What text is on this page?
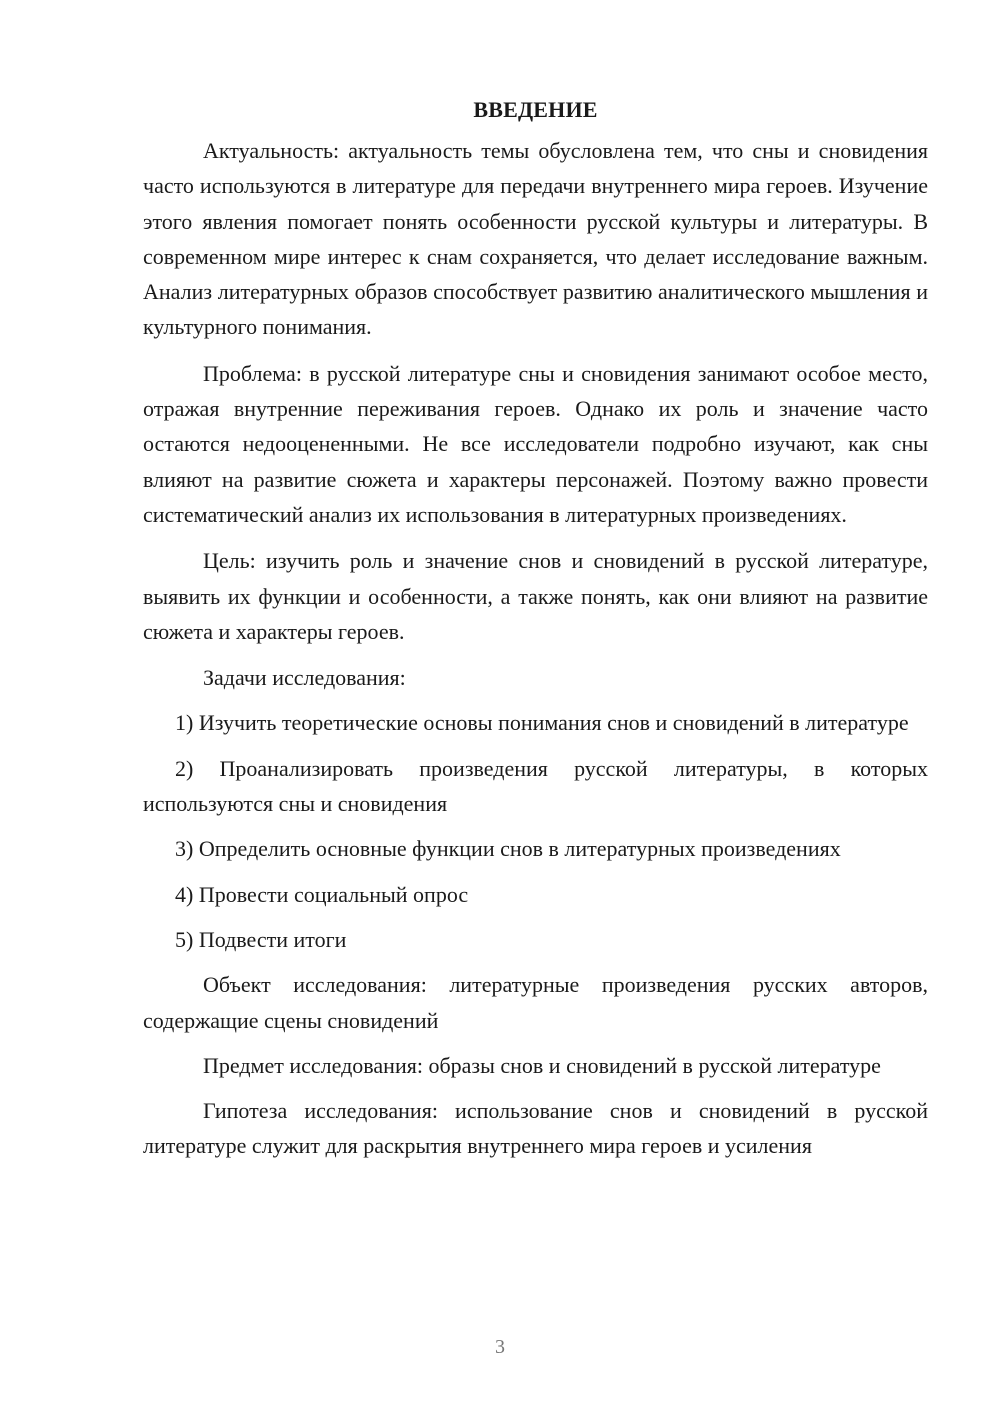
ВВЕДЕНИЕ

Актуальность: актуальность темы обусловлена тем, что сны и сновидения часто используются в литературе для передачи внутреннего мира героев. Изучение этого явления помогает понять особенности русской культуры и литературы. В современном мире интерес к снам сохраняется, что делает исследование важным. Анализ литературных образов способствует развитию аналитического мышления и культурного понимания.

Проблема: в русской литературе сны и сновидения занимают особое место, отражая внутренние переживания героев. Однако их роль и значение часто остаются недооцененными. Не все исследователи подробно изучают, как сны влияют на развитие сюжета и характеры персонажей. Поэтому важно провести систематический анализ их использования в литературных произведениях.

Цель: изучить роль и значение снов и сновидений в русской литературе, выявить их функции и особенности, а также понять, как они влияют на развитие сюжета и характеры героев.

Задачи исследования:

1) Изучить теоретические основы понимания снов и сновидений в литературе

2) Проанализировать произведения русской литературы, в которых используются сны и сновидения

3) Определить основные функции снов в литературных произведениях

4) Провести социальный опрос

5) Подвести итоги

Объект исследования: литературные произведения русских авторов, содержащие сцены сновидений

Предмет исследования: образы снов и сновидений в русской литературе

Гипотеза исследования: использование снов и сновидений в русской литературе служит для раскрытия внутреннего мира героев и усиления

3
